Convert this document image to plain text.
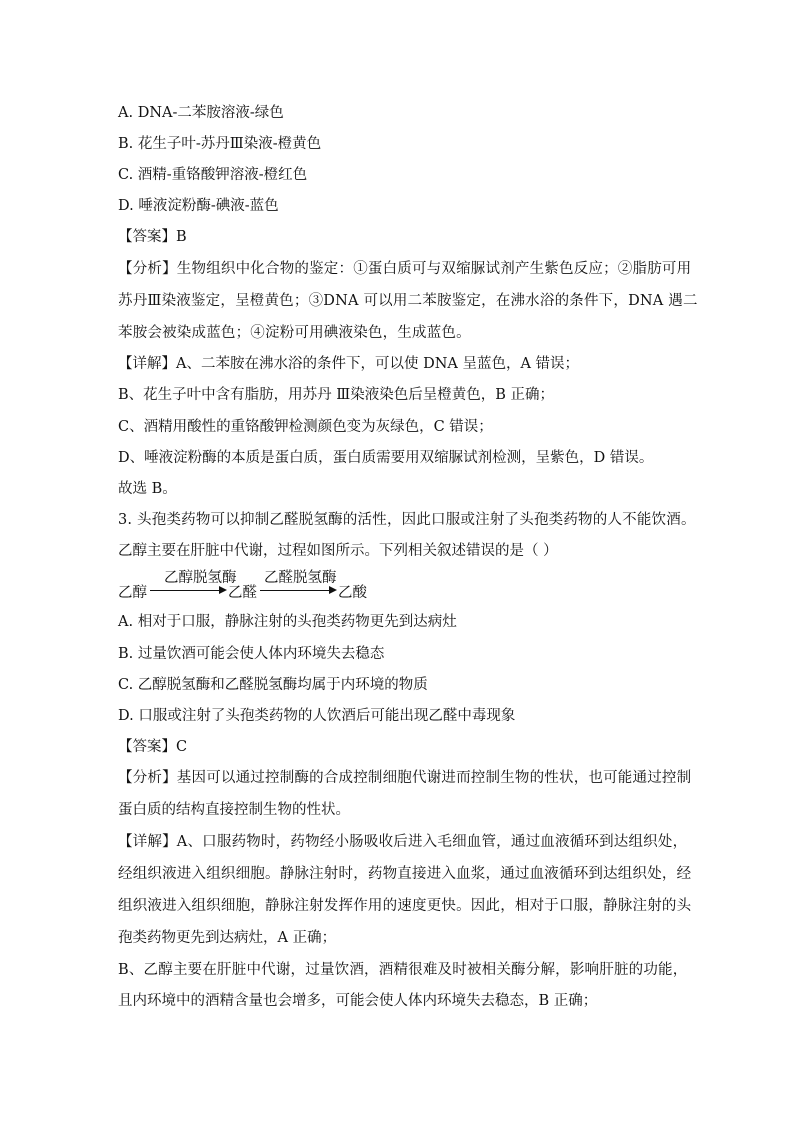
A. DNA-二苯胺溶液-绿色
B. 花生子叶-苏丹Ⅲ染液-橙黄色
C. 酒精-重铬酸钾溶液-橙红色
D. 唾液淀粉酶-碘液-蓝色
【答案】B
【分析】生物组织中化合物的鉴定：①蛋白质可与双缩脲试剂产生紫色反应；②脂肪可用
苏丹Ⅲ染液鉴定，呈橙黄色；③DNA 可以用二苯胺鉴定，在沸水浴的条件下，DNA 遇二
苯胺会被染成蓝色；④淀粉可用碘液染色，生成蓝色。
【详解】A、二苯胺在沸水浴的条件下，可以使 DNA 呈蓝色，A 错误；
B、花生子叶中含有脂肪，用苏丹 Ⅲ染液染色后呈橙黄色，B 正确；
C、酒精用酸性的重铬酸钾检测颜色变为灰绿色，C 错误；
D、唾液淀粉酶的本质是蛋白质，蛋白质需要用双缩脲试剂检测，呈紫色，D 错误。
故选 B。
3. 头孢类药物可以抑制乙醛脱氢酶的活性，因此口服或注射了头孢类药物的人不能饮酒。
乙醇主要在肝脏中代谢，过程如图所示。下列相关叙述错误的是（ ）
乙醇
乙醇脱氢酶
乙醛
乙醛脱氢酶
乙酸
A. 相对于口服，静脉注射的头孢类药物更先到达病灶
B. 过量饮酒可能会使人体内环境失去稳态
C. 乙醇脱氢酶和乙醛脱氢酶均属于内环境的物质
D. 口服或注射了头孢类药物的人饮酒后可能出现乙醛中毒现象
【答案】C
【分析】基因可以通过控制酶的合成控制细胞代谢进而控制生物的性状，也可能通过控制
蛋白质的结构直接控制生物的性状。
【详解】A、口服药物时，药物经小肠吸收后进入毛细血管，通过血液循环到达组织处，
经组织液进入组织细胞。静脉注射时，药物直接进入血浆，通过血液循环到达组织处，经
组织液进入组织细胞，静脉注射发挥作用的速度更快。因此，相对于口服，静脉注射的头
孢类药物更先到达病灶，A 正确；
B、乙醇主要在肝脏中代谢，过量饮酒，酒精很难及时被相关酶分解，影响肝脏的功能，
且内环境中的酒精含量也会增多，可能会使人体内环境失去稳态，B 正确；
